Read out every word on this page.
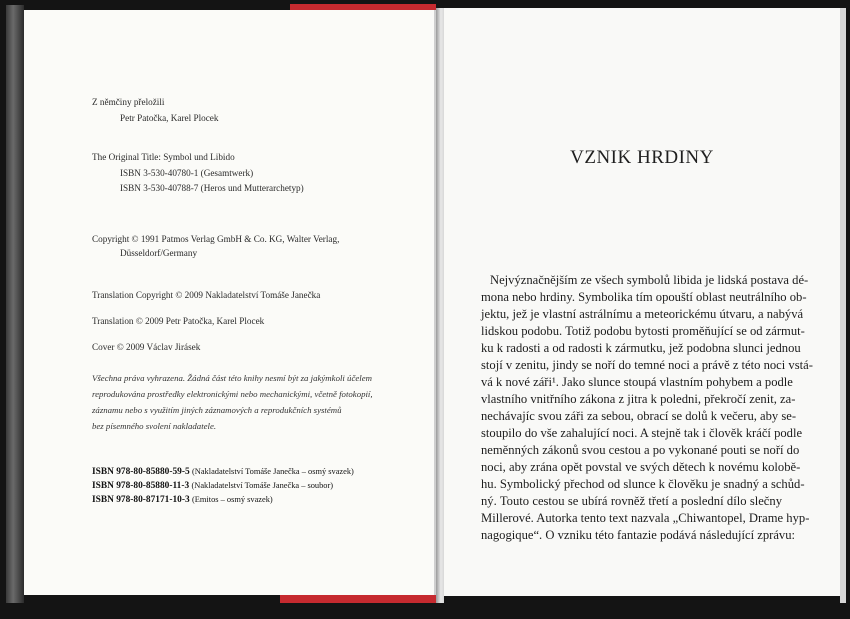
Z němčiny přeložili
Petr Patočka, Karel Plocek
The Original Title: Symbol und Libido
ISBN 3-530-40780-1 (Gesamtwerk)
ISBN 3-530-40788-7 (Heros und Mutterarchetyp)
Copyright © 1991 Patmos Verlag GmbH & Co. KG, Walter Verlag,
Düsseldorf/Germany
Translation Copyright © 2009 Nakladatelství Tomáše Janečka
Translation © 2009 Petr Patočka, Karel Plocek
Cover © 2009 Václav Jirásek
Všechna práva vyhrazena. Žádná část této knihy nesmí být za jakýmkoli účelem
reprodukována prostředky elektronickými nebo mechanickými, včetně fotokopií,
záznamu nebo s využitím jiných záznamových a reprodukčních systémů
bez písemného svolení nakladatele.
ISBN 978-80-85880-59-5 (Nakladatelství Tomáše Janečka – osmý svazek)
ISBN 978-80-85880-11-3 (Nakladatelství Tomáše Janečka – soubor)
ISBN 978-80-87171-10-3 (Emitos – osmý svazek)
VZNIK HRDINY
Nejvýznačnějším ze všech symbolů libida je lidská postava dé-
mona nebo hrdiny. Symbolika tím opouští oblast neutrálního ob-
jektu, jež je vlastní astrálnímu a meteorickému útvaru, a nabývá
lidskou podobu. Totiž podobu bytosti proměňující se od zármut-
ku k radosti a od radosti k zármutku, jež podobna slunci jednou
stojí v zenitu, jindy se noří do temné noci a právě z této noci vstá-
vá k nové záři¹. Jako slunce stoupá vlastním pohybem a podle
vlastního vnitřního zákona z jitra k poledni, překročí zenit, za-
nechávajíc svou záři za sebou, obrací se dolů k večeru, aby se-
stoupilo do vše zahalující noci. A stejně tak i člověk kráčí podle
neměnných zákonů svou cestou a po vykonané pouti se noří do
noci, aby zrána opět povstal ve svých dětech k novému kolobě-
hu. Symbolický přechod od slunce k člověku je snadný a schůd-
ný. Touto cestou se ubírá rovněž třetí a poslední dílo slečny
Millerové. Autorka tento text nazvala „Chiwantopel, Drame hyp-
nagogique“. O vzniku této fantazie podává následující zprávu:
